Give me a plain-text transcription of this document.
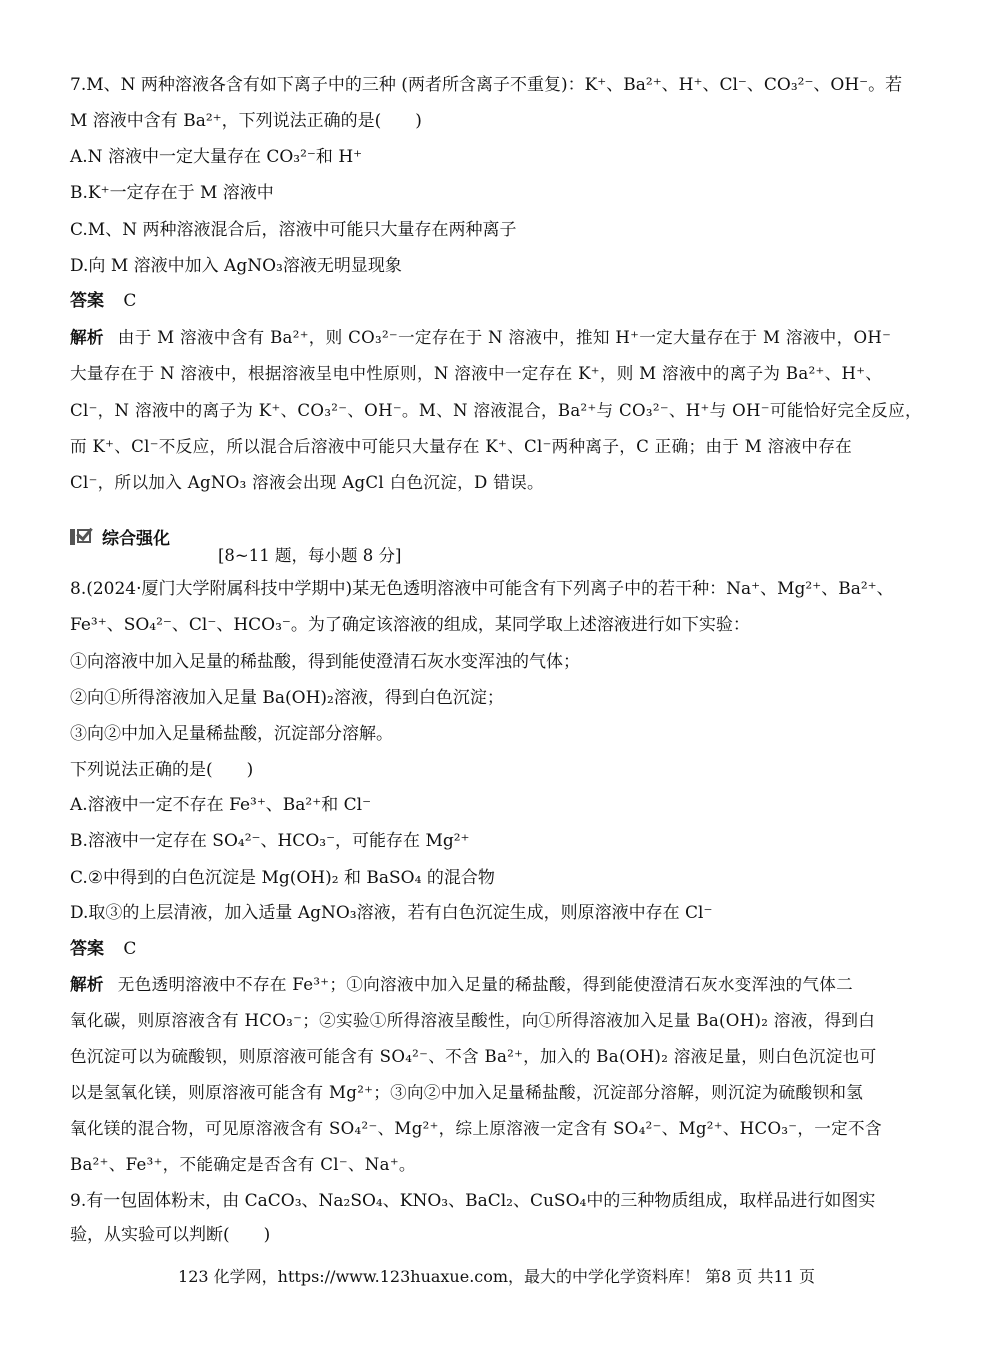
7.M、N 两种溶液各含有如下离子中的三种 (两者所含离子不重复)：K⁺、Ba²⁺、H⁺、Cl⁻、CO₃²⁻、OH⁻。若
M 溶液中含有 Ba²⁺，下列说法正确的是(　　)
A.N 溶液中一定大量存在 CO₃²⁻和 H⁺
B.K⁺一定存在于 M 溶液中
C.M、N 两种溶液混合后，溶液中可能只大量存在两种离子
D.向 M 溶液中加入 AgNO₃溶液无明显现象
答案 C
解析 由于 M 溶液中含有 Ba²⁺，则 CO₃²⁻一定存在于 N 溶液中，推知 H⁺一定大量存在于 M 溶液中，OH⁻
大量存在于 N 溶液中，根据溶液呈电中性原则，N 溶液中一定存在 K⁺，则 M 溶液中的离子为 Ba²⁺、H⁺、
Cl⁻，N 溶液中的离子为 K⁺、CO₃²⁻、OH⁻。M、N 溶液混合，Ba²⁺与 CO₃²⁻、H⁺与 OH⁻可能恰好完全反应，
而 K⁺、Cl⁻不反应，所以混合后溶液中可能只大量存在 K⁺、Cl⁻两种离子，C 正确；由于 M 溶液中存在
Cl⁻，所以加入 AgNO₃ 溶液会出现 AgCl 白色沉淀，D 错误。
综合强化
[8~11 题，每小题 8 分]
8.(2024·厦门大学附属科技中学期中)某无色透明溶液中可能含有下列离子中的若干种：Na⁺、Mg²⁺、Ba²⁺、
Fe³⁺、SO₄²⁻、Cl⁻、HCO₃⁻。为了确定该溶液的组成，某同学取上述溶液进行如下实验：
①向溶液中加入足量的稀盐酸，得到能使澄清石灰水变浑浊的气体；
②向①所得溶液加入足量 Ba(OH)₂溶液，得到白色沉淀；
③向②中加入足量稀盐酸，沉淀部分溶解。
下列说法正确的是(　　)
A.溶液中一定不存在 Fe³⁺、Ba²⁺和 Cl⁻
B.溶液中一定存在 SO₄²⁻、HCO₃⁻，可能存在 Mg²⁺
C.②中得到的白色沉淀是 Mg(OH)₂ 和 BaSO₄ 的混合物
D.取③的上层清液，加入适量 AgNO₃溶液，若有白色沉淀生成，则原溶液中存在 Cl⁻
答案 C
解析 无色透明溶液中不存在 Fe³⁺；①向溶液中加入足量的稀盐酸，得到能使澄清石灰水变浑浊的气体二
氧化碳，则原溶液含有 HCO₃⁻；②实验①所得溶液呈酸性，向①所得溶液加入足量 Ba(OH)₂ 溶液，得到白
色沉淀可以为硫酸钡，则原溶液可能含有 SO₄²⁻、不含 Ba²⁺，加入的 Ba(OH)₂ 溶液足量，则白色沉淀也可
以是氢氧化镁，则原溶液可能含有 Mg²⁺；③向②中加入足量稀盐酸，沉淀部分溶解，则沉淀为硫酸钡和氢
氧化镁的混合物，可见原溶液含有 SO₄²⁻、Mg²⁺，综上原溶液一定含有 SO₄²⁻、Mg²⁺、HCO₃⁻，一定不含
Ba²⁺、Fe³⁺，不能确定是否含有 Cl⁻、Na⁺。
9.有一包固体粉末，由 CaCO₃、Na₂SO₄、KNO₃、BaCl₂、CuSO₄中的三种物质组成，取样品进行如图实
验，从实验可以判断(　　)
123 化学网，https://www.123huaxue.com，最大的中学化学资料库！ 第8 页 共11 页
